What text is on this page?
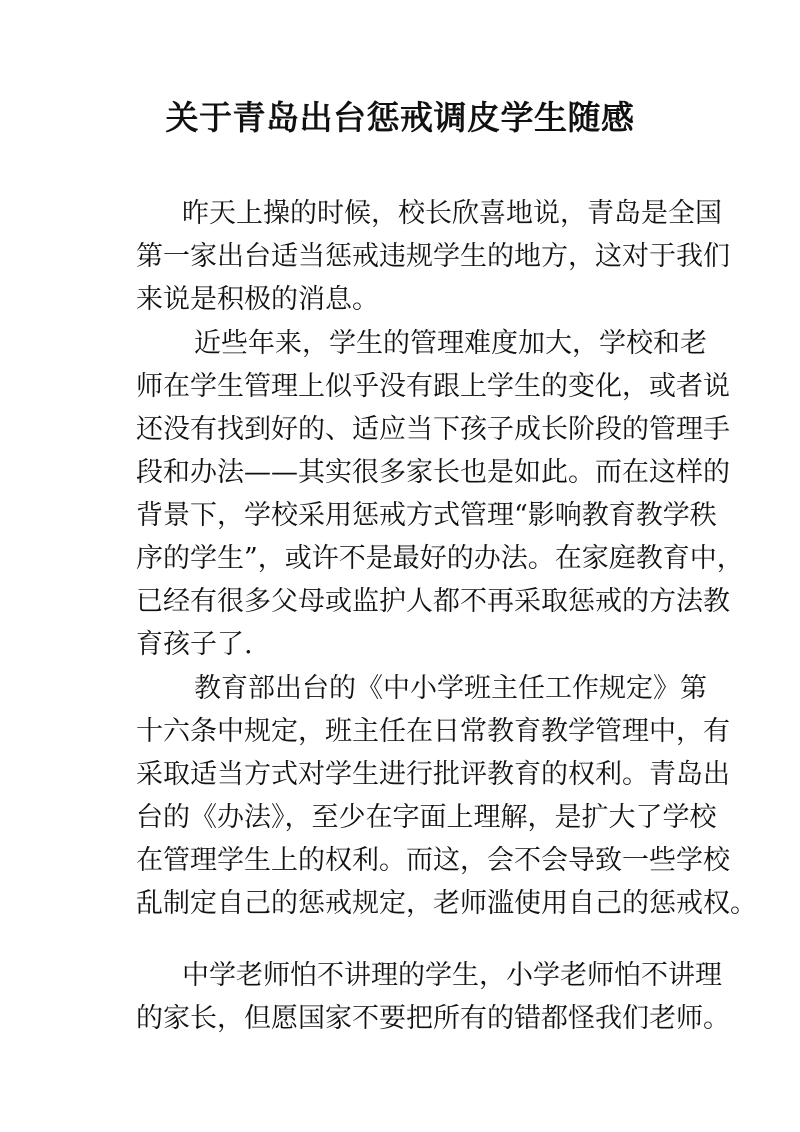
关于青岛出台惩戒调皮学生随感
昨天上操的时候，校长欣喜地说，青岛是全国
第一家出台适当惩戒违规学生的地方，这对于我们
来说是积极的消息。
近些年来，学生的管理难度加大，学校和老
师在学生管理上似乎没有跟上学生的变化，或者说
还没有找到好的、适应当下孩子成长阶段的管理手
段和办法——其实很多家长也是如此。而在这样的
背景下，学校采用惩戒方式管理“影响教育教学秩
序的学生”，或许不是最好的办法。在家庭教育中，
已经有很多父母或监护人都不再采取惩戒的方法教
育孩子了.
教育部出台的《中小学班主任工作规定》第
十六条中规定，班主任在日常教育教学管理中，有
采取适当方式对学生进行批评教育的权利。青岛出
台的《办法》，至少在字面上理解，是扩大了学校
在管理学生上的权利。而这，会不会导致一些学校
乱制定自己的惩戒规定，老师滥使用自己的惩戒权。
中学老师怕不讲理的学生，小学老师怕不讲理
的家长，但愿国家不要把所有的错都怪我们老师。
